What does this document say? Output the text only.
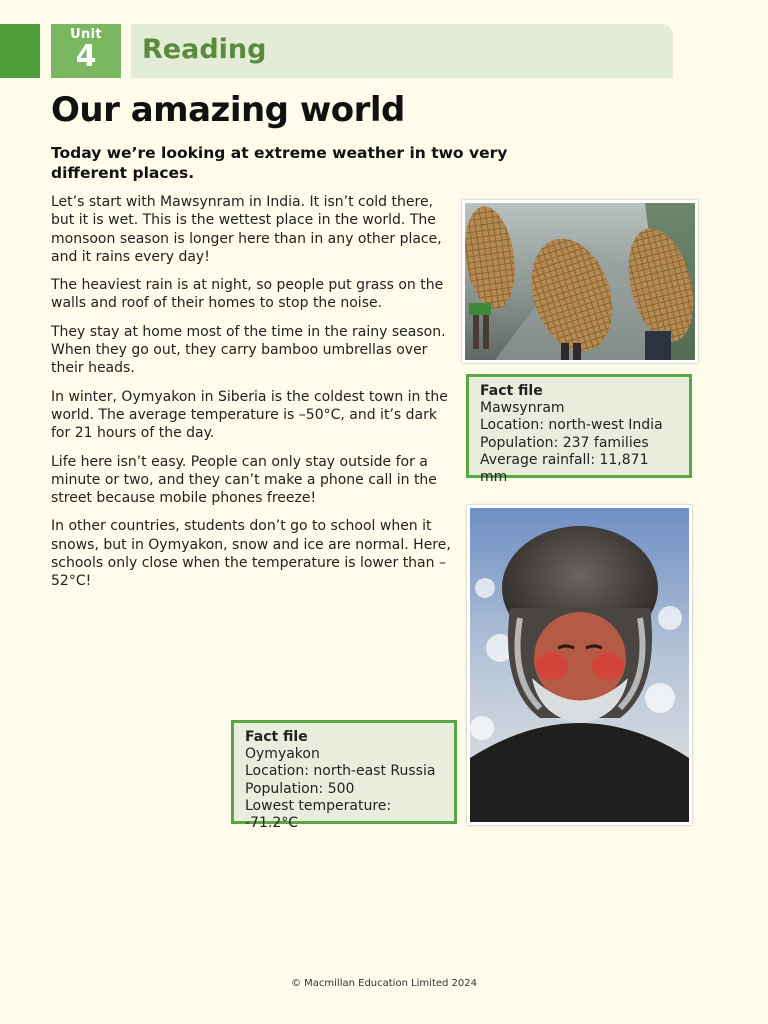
Unit
4	Reading
Our amazing world
Today we’re looking at extreme weather in two very different places.

Let’s start with Mawsynram in India. It isn’t cold there, but it is wet. This is the wettest place in the world. The monsoon season is longer here than in any other place, and it rains every day!

The heaviest rain is at night, so people put grass on the walls and roof of their homes to stop the noise.

They stay at home most of the time in the rainy season. When they go out, they carry bamboo umbrellas over their heads.

In winter, Oymyakon in Siberia is the coldest town in the world. The average temperature is –50°C, and it’s dark for 21 hours of the day.

Life here isn’t easy. People can only stay outside for a minute or two, and they can’t make a phone call in the street because mobile phones freeze!

In other countries, students don’t go to school when it snows, but in Oymyakon, snow and ice are normal. Here, schools only close when the temperature is lower than –52°C!

Fact file
Mawsynram
Location: north-west India
Population: 237 families
Average rainfall: 11,871 mm
Fact file
Oymyakon
Location: north-east Russia
Population: 500
Lowest temperature: -71.2°C
© Macmillan Education Limited 2024
